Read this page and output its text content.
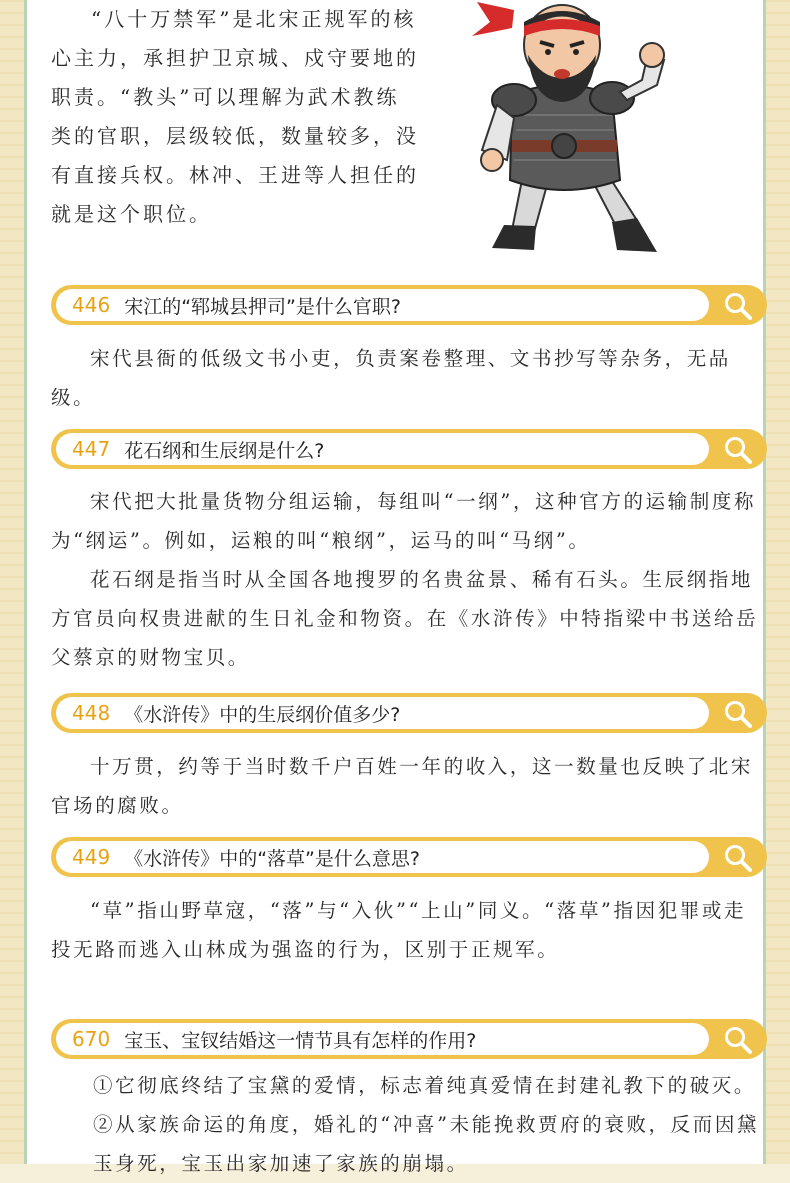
“八十万禁军”是北宋正规军的核心主力，承担护卫京城、戍守要地的职责。“教头”可以理解为武术教练类的官职，层级较低，数量较多，没有直接兵权。林冲、王进等人担任的就是这个职位。

446 宋江的“郓城县押司”是什么官职?

宋代县衙的低级文书小吏，负责案卷整理、文书抄写等杂务，无品级。

447 花石纲和生辰纲是什么?

宋代把大批量货物分组运输，每组叫“一纲”，这种官方的运输制度称为“纲运”。例如，运粮的叫“粮纲”，运马的叫“马纲”。

花石纲是指当时从全国各地搜罗的名贵盆景、稀有石头。生辰纲指地方官员向权贵进献的生日礼金和物资。在《水浒传》中特指梁中书送给岳父蔡京的财物宝贝。

448 《水浒传》中的生辰纲价值多少?

十万贯，约等于当时数千户百姓一年的收入，这一数量也反映了北宋官场的腐败。

449 《水浒传》中的“落草”是什么意思?

“草”指山野草寇，“落”与“入伙”“上山”同义。“落草”指因犯罪或走投无路而逃入山林成为强盗的行为，区别于正规军。

670 宝玉、宝钗结婚这一情节具有怎样的作用?

①它彻底终结了宝黛的爱情，标志着纯真爱情在封建礼教下的破灭。

②从家族命运的角度，婚礼的“冲喜”未能挽救贾府的衰败，反而因黛玉身死，宝玉出家加速了家族的崩塌。
